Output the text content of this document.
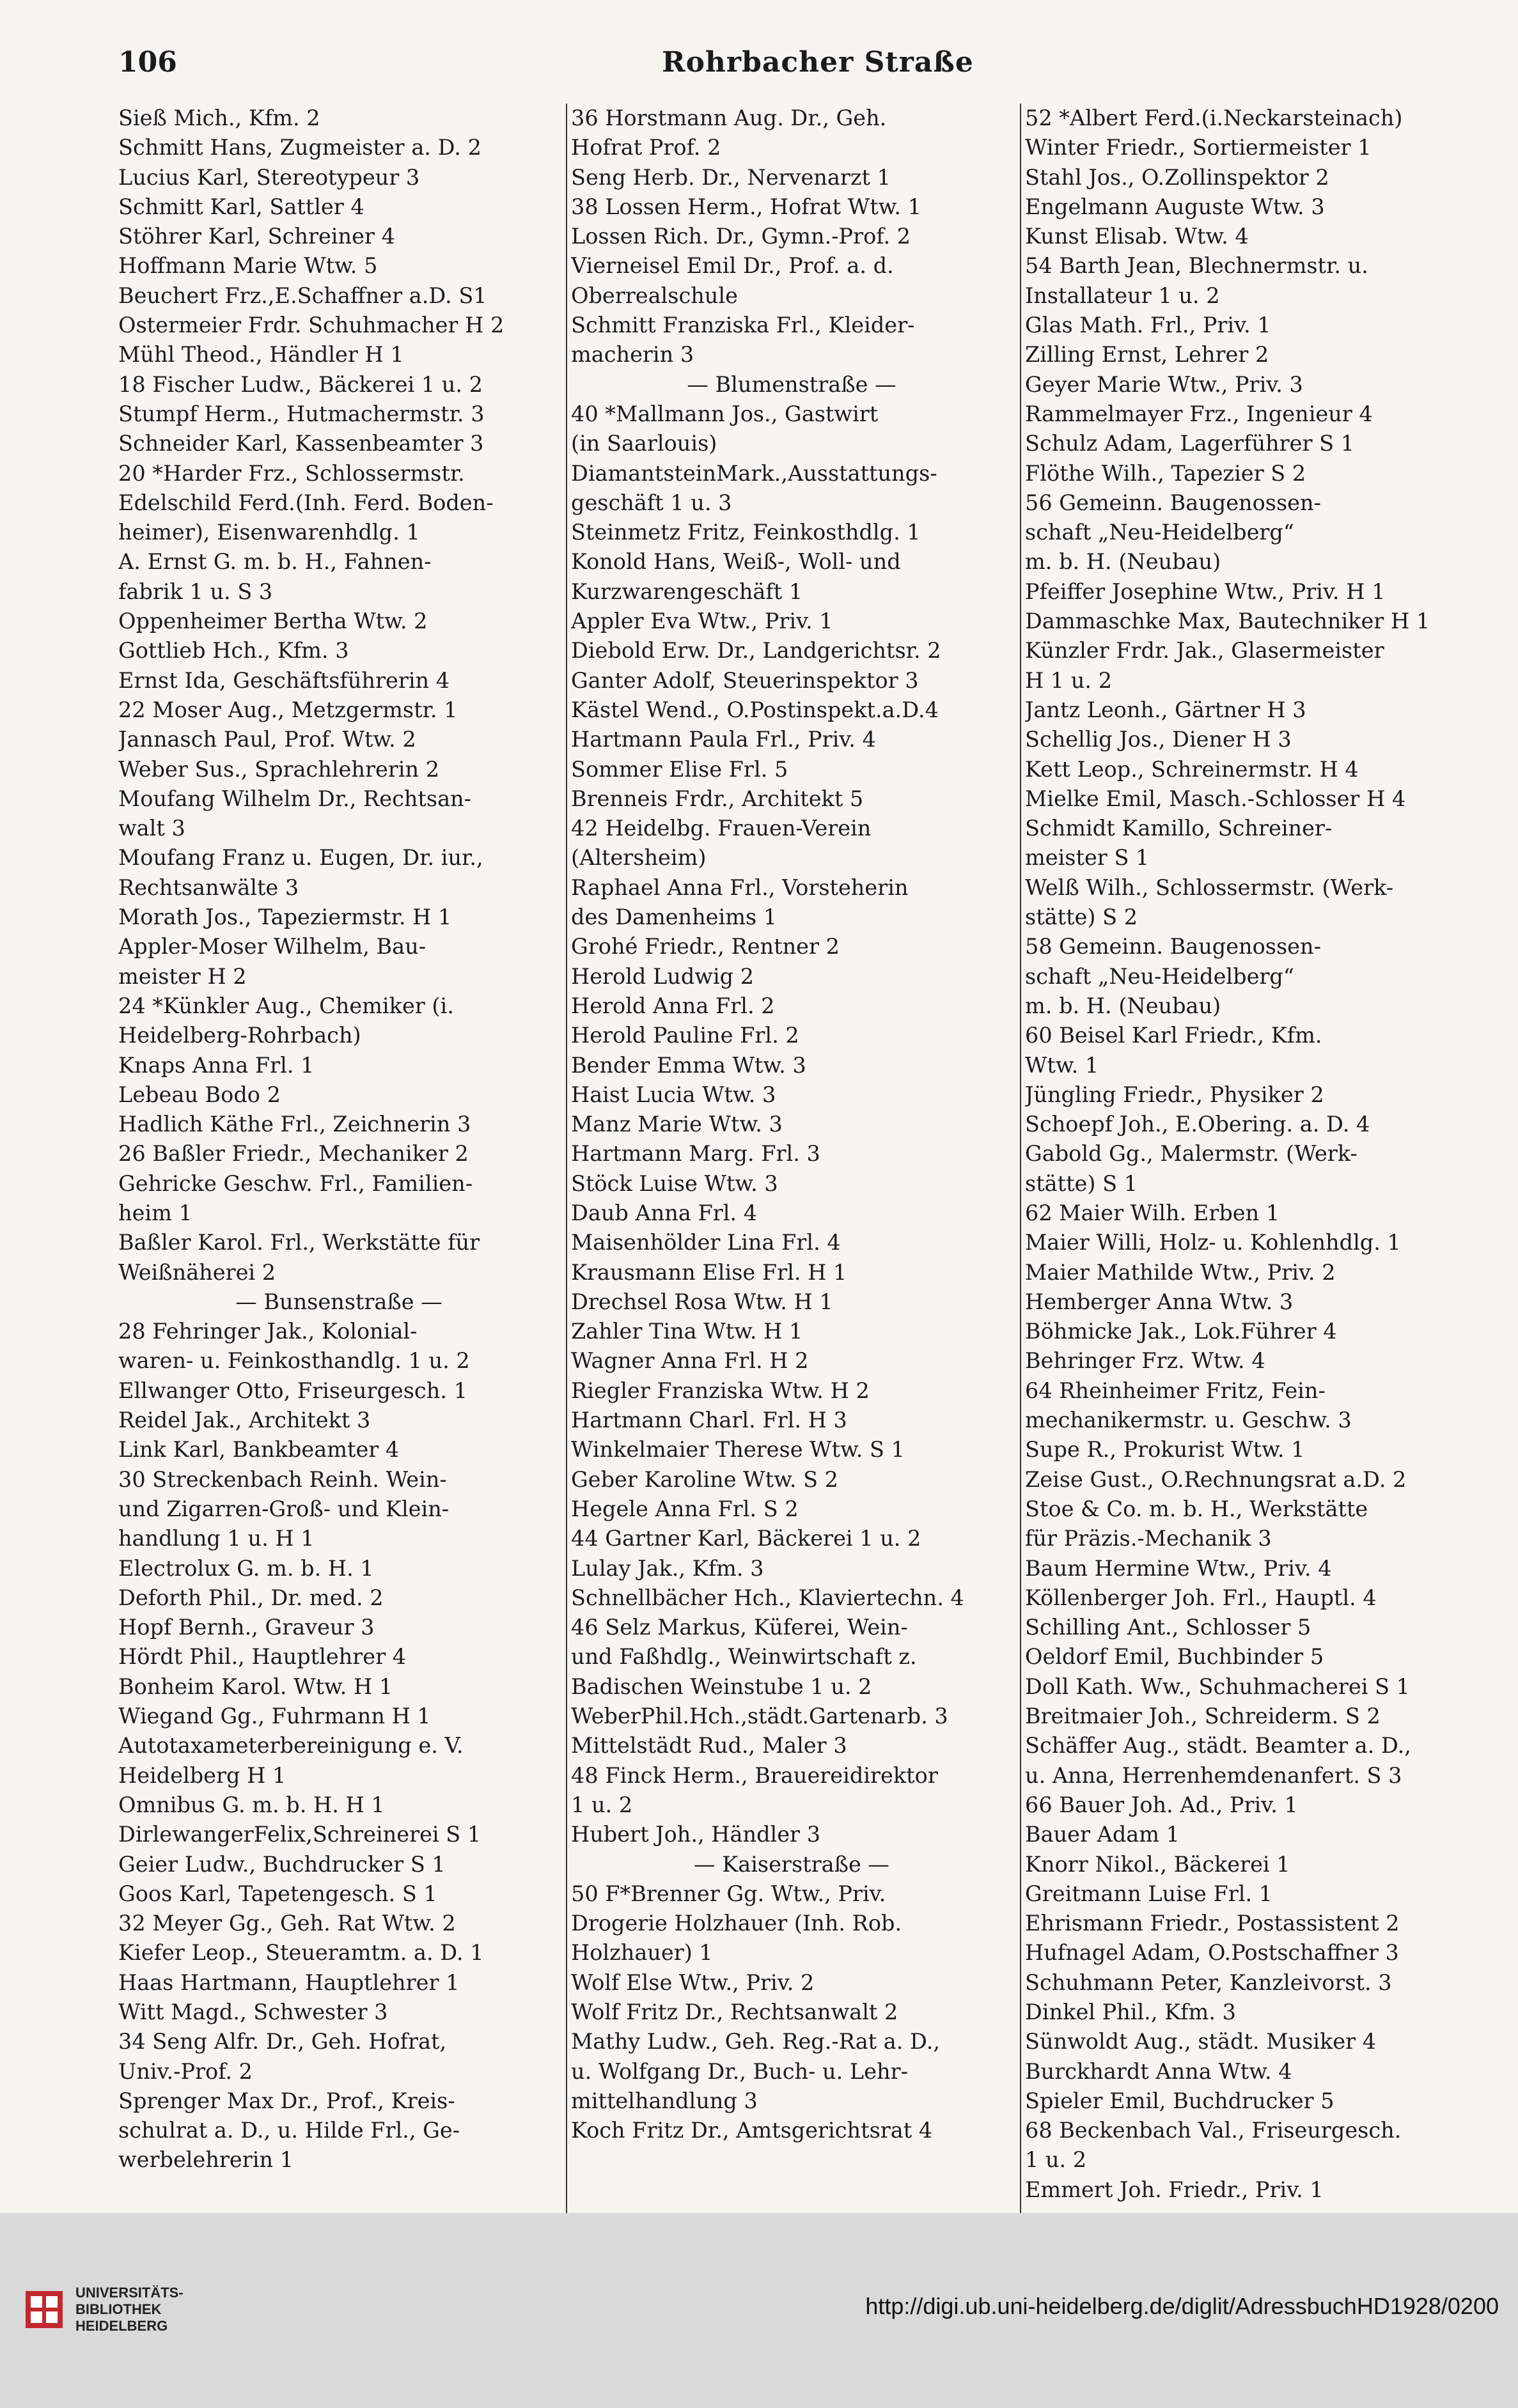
106	Rohrbacher Straße
Sieß Mich., Kfm. 2
Schmitt Hans, Zugmeister a. D. 2
Lucius Karl, Stereotypeur 3
Schmitt Karl, Sattler 4
Stöhrer Karl, Schreiner 4
Hoffmann Marie Wtw. 5
Beuchert Frz.,E.Schaffner a.D. S1
Ostermeier Frdr. Schuhmacher H 2
Mühl Theod., Händler H 1
18 Fischer Ludw., Bäckerei 1 u. 2
Stumpf Herm., Hutmachermstr. 3
Schneider Karl, Kassenbeamter 3
20 *Harder Frz., Schlossermstr.
Edelschild Ferd.(Inh. Ferd. Boden-
heimer), Eisenwarenhdlg. 1
A. Ernst G. m. b. H., Fahnen-
fabrik 1 u. S 3
Oppenheimer Bertha Wtw. 2
Gottlieb Hch., Kfm. 3
Ernst Ida, Geschäftsführerin 4
22 Moser Aug., Metzgermstr. 1
Jannasch Paul, Prof. Wtw. 2
Weber Sus., Sprachlehrerin 2
Moufang Wilhelm Dr., Rechtsan-
walt 3
Moufang Franz u. Eugen, Dr. iur.,
Rechtsanwälte 3
Morath Jos., Tapeziermstr. H 1
Appler-Moser Wilhelm, Bau-
meister H 2
24 *Künkler Aug., Chemiker (i.
Heidelberg-Rohrbach)
Knaps Anna Frl. 1
Lebeau Bodo 2
Hadlich Käthe Frl., Zeichnerin 3
26 Baßler Friedr., Mechaniker 2
Gehricke Geschw. Frl., Familien-
heim 1
Baßler Karol. Frl., Werkstätte für
Weißnäherei 2
— Bunsenstraße —
28 Fehringer Jak., Kolonial-
waren- u. Feinkosthandlg. 1 u. 2
Ellwanger Otto, Friseurgesch. 1
Reidel Jak., Architekt 3
Link Karl, Bankbeamter 4
30 Streckenbach Reinh. Wein-
und Zigarren-Groß- und Klein-
handlung 1 u. H 1
Electrolux G. m. b. H. 1
Deforth Phil., Dr. med. 2
Hopf Bernh., Graveur 3
Hördt Phil., Hauptlehrer 4
Bonheim Karol. Wtw. H 1
Wiegand Gg., Fuhrmann H 1
Autotaxameterbereinigung e. V.
Heidelberg H 1
Omnibus G. m. b. H. H 1
DirlewangerFelix,Schreinerei S 1
Geier Ludw., Buchdrucker S 1
Goos Karl, Tapetengesch. S 1
32 Meyer Gg., Geh. Rat Wtw. 2
Kiefer Leop., Steueramtm. a. D. 1
Haas Hartmann, Hauptlehrer 1
Witt Magd., Schwester 3
34 Seng Alfr. Dr., Geh. Hofrat,
Univ.-Prof. 2
Sprenger Max Dr., Prof., Kreis-
schulrat a. D., u. Hilde Frl., Ge-
werbelehrerin 1
36 Horstmann Aug. Dr., Geh.
Hofrat Prof. 2
Seng Herb. Dr., Nervenarzt 1
38 Lossen Herm., Hofrat Wtw. 1
Lossen Rich. Dr., Gymn.-Prof. 2
Vierneisel Emil Dr., Prof. a. d.
Oberrealschule
Schmitt Franziska Frl., Kleider-
macherin 3
— Blumenstraße —
40 *Mallmann Jos., Gastwirt
(in Saarlouis)
DiamantsteinMark.,Ausstattungs-
geschäft 1 u. 3
Steinmetz Fritz, Feinkosthdlg. 1
Konold Hans, Weiß-, Woll- und
Kurzwarengeschäft 1
Appler Eva Wtw., Priv. 1
Diebold Erw. Dr., Landgerichtsr. 2
Ganter Adolf, Steuerinspektor 3
Kästel Wend., O.Postinspekt.a.D.4
Hartmann Paula Frl., Priv. 4
Sommer Elise Frl. 5
Brenneis Frdr., Architekt 5
42 Heidelbg. Frauen-Verein
(Altersheim)
Raphael Anna Frl., Vorsteherin
des Damenheims 1
Grohé Friedr., Rentner 2
Herold Ludwig 2
Herold Anna Frl. 2
Herold Pauline Frl. 2
Bender Emma Wtw. 3
Haist Lucia Wtw. 3
Manz Marie Wtw. 3
Hartmann Marg. Frl. 3
Stöck Luise Wtw. 3
Daub Anna Frl. 4
Maisenhölder Lina Frl. 4
Krausmann Elise Frl. H 1
Drechsel Rosa Wtw. H 1
Zahler Tina Wtw. H 1
Wagner Anna Frl. H 2
Riegler Franziska Wtw. H 2
Hartmann Charl. Frl. H 3
Winkelmaier Therese Wtw. S 1
Geber Karoline Wtw. S 2
Hegele Anna Frl. S 2
44 Gartner Karl, Bäckerei 1 u. 2
Lulay Jak., Kfm. 3
Schnellbächer Hch., Klaviertechn. 4
46 Selz Markus, Küferei, Wein-
und Faßhdlg., Weinwirtschaft z.
Badischen Weinstube 1 u. 2
WeberPhil.Hch.,städt.Gartenarb. 3
Mittelstädt Rud., Maler 3
48 Finck Herm., Brauereidirektor
1 u. 2
Hubert Joh., Händler 3
— Kaiserstraße —
50 F*Brenner Gg. Wtw., Priv.
Drogerie Holzhauer (Inh. Rob.
Holzhauer) 1
Wolf Else Wtw., Priv. 2
Wolf Fritz Dr., Rechtsanwalt 2
Mathy Ludw., Geh. Reg.-Rat a. D.,
u. Wolfgang Dr., Buch- u. Lehr-
mittelhandlung 3
Koch Fritz Dr., Amtsgerichtsrat 4
52 *Albert Ferd.(i.Neckarsteinach)
Winter Friedr., Sortiermeister 1
Stahl Jos., O.Zollinspektor 2
Engelmann Auguste Wtw. 3
Kunst Elisab. Wtw. 4
54 Barth Jean, Blechnermstr. u.
Installateur 1 u. 2
Glas Math. Frl., Priv. 1
Zilling Ernst, Lehrer 2
Geyer Marie Wtw., Priv. 3
Rammelmayer Frz., Ingenieur 4
Schulz Adam, Lagerführer S 1
Flöthe Wilh., Tapezier S 2
56 Gemeinn. Baugenossen-
schaft „Neu-Heidelberg“
m. b. H. (Neubau)
Pfeiffer Josephine Wtw., Priv. H 1
Dammaschke Max, Bautechniker H 1
Künzler Frdr. Jak., Glasermeister
H 1 u. 2
Jantz Leonh., Gärtner H 3
Schellig Jos., Diener H 3
Kett Leop., Schreinermstr. H 4
Mielke Emil, Masch.-Schlosser H 4
Schmidt Kamillo, Schreiner-
meister S 1
Welß Wilh., Schlossermstr. (Werk-
stätte) S 2
58 Gemeinn. Baugenossen-
schaft „Neu-Heidelberg“
m. b. H. (Neubau)
60 Beisel Karl Friedr., Kfm.
Wtw. 1
Jüngling Friedr., Physiker 2
Schoepf Joh., E.Obering. a. D. 4
Gabold Gg., Malermstr. (Werk-
stätte) S 1
62 Maier Wilh. Erben 1
Maier Willi, Holz- u. Kohlenhdlg. 1
Maier Mathilde Wtw., Priv. 2
Hemberger Anna Wtw. 3
Böhmicke Jak., Lok.Führer 4
Behringer Frz. Wtw. 4
64 Rheinheimer Fritz, Fein-
mechanikermstr. u. Geschw. 3
Supe R., Prokurist Wtw. 1
Zeise Gust., O.Rechnungsrat a.D. 2
Stoe & Co. m. b. H., Werkstätte
für Präzis.-Mechanik 3
Baum Hermine Wtw., Priv. 4
Köllenberger Joh. Frl., Hauptl. 4
Schilling Ant., Schlosser 5
Oeldorf Emil, Buchbinder 5
Doll Kath. Ww., Schuhmacherei S 1
Breitmaier Joh., Schreiderm. S 2
Schäffer Aug., städt. Beamter a. D.,
u. Anna, Herrenhemdenanfert. S 3
66 Bauer Joh. Ad., Priv. 1
Bauer Adam 1
Knorr Nikol., Bäckerei 1
Greitmann Luise Frl. 1
Ehrismann Friedr., Postassistent 2
Hufnagel Adam, O.Postschaffner 3
Schuhmann Peter, Kanzleivorst. 3
Dinkel Phil., Kfm. 3
Sünwoldt Aug., städt. Musiker 4
Burckhardt Anna Wtw. 4
Spieler Emil, Buchdrucker 5
68 Beckenbach Val., Friseurgesch.
1 u. 2
Emmert Joh. Friedr., Priv. 1
UNIVERSITÄTS-
BIBLIOTHEK
HEIDELBERG
http://digi.ub.uni-heidelberg.de/diglit/AdressbuchHD1928/0200
